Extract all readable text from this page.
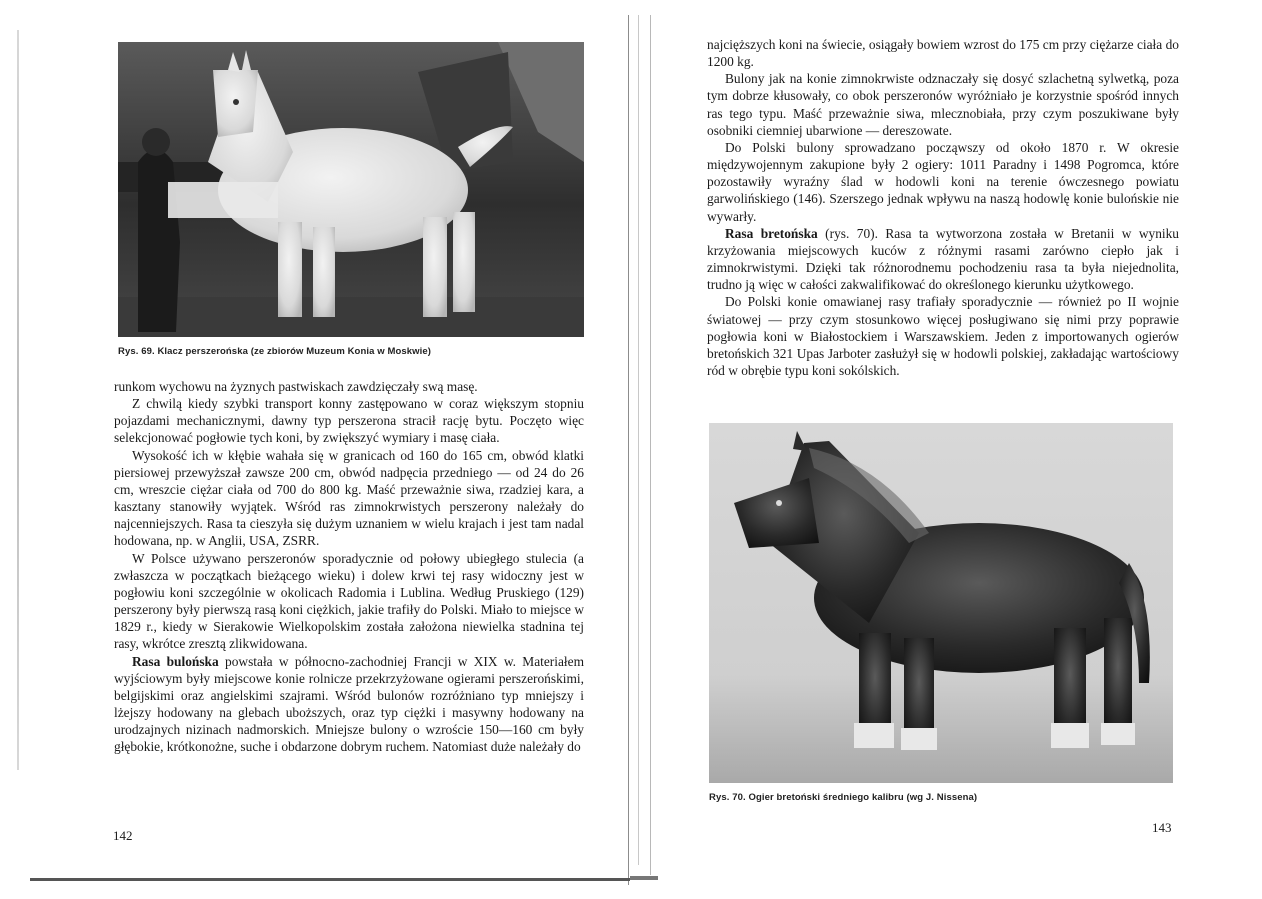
Rys. 69. Klacz perszerońska (ze zbiorów Muzeum Konia w Moskwie)

runkom wychowu na żyznych pastwiskach zawdzięczały swą masę.

Z chwilą kiedy szybki transport konny zastępowano w coraz większym stopniu pojazdami mechanicznymi, dawny typ perszerona stracił rację bytu. Poczęto więc selekcjonować pogłowie tych koni, by zwiększyć wymiary i masę ciała.

Wysokość ich w kłębie wahała się w granicach od 160 do 165 cm, obwód klatki piersiowej przewyższał zawsze 200 cm, obwód nadpęcia przedniego — od 24 do 26 cm, wreszcie ciężar ciała od 700 do 800 kg. Maść przeważnie siwa, rzadziej kara, a kasztany stanowiły wyjątek. Wśród ras zimnokrwistych perszerony należały do najcenniejszych. Rasa ta cieszyła się dużym uznaniem w wielu krajach i jest tam nadal hodowana, np. w Anglii, USA, ZSRR.

W Polsce używano perszeronów sporadycznie od połowy ubiegłego stulecia (a zwłaszcza w początkach bieżącego wieku) i dolew krwi tej rasy widoczny jest w pogłowiu koni szczególnie w okolicach Radomia i Lublina. Według Pruskiego (129) perszerony były pierwszą rasą koni ciężkich, jakie trafiły do Polski. Miało to miejsce w 1829 r., kiedy w Sierakowie Wielkopolskim została założona niewielka stadnina tej rasy, wkrótce zresztą zlikwidowana.

Rasa bulońska powstała w północno-zachodniej Francji w XIX w. Materiałem wyjściowym były miejscowe konie rolnicze przekrzyżowane ogierami perszerońskimi, belgijskimi oraz angielskimi szajrami. Wśród bulonów rozróżniano typ mniejszy i lżejszy hodowany na glebach uboższych, oraz typ ciężki i masywny hodowany na urodzajnych nizinach nadmorskich. Mniejsze bulony o wzroście 150—160 cm były głębokie, krótkonożne, suche i obdarzone dobrym ruchem. Natomiast duże należały do

142

najcięższych koni na świecie, osiągały bowiem wzrost do 175 cm przy ciężarze ciała do 1200 kg.

Bulony jak na konie zimnokrwiste odznaczały się dosyć szlachetną sylwetką, poza tym dobrze kłusowały, co obok perszeronów wyróżniało je korzystnie spośród innych ras tego typu. Maść przeważnie siwa, mlecznobiała, przy czym poszukiwane były osobniki ciemniej ubarwione — dereszowate.

Do Polski bulony sprowadzano począwszy od około 1870 r. W okresie międzywojennym zakupione były 2 ogiery: 1011 Paradny i 1498 Pogromca, które pozostawiły wyraźny ślad w hodowli koni na terenie ówczesnego powiatu garwolińskiego (146). Szerszego jednak wpływu na naszą hodowlę konie bulońskie nie wywarły.

Rasa bretońska (rys. 70). Rasa ta wytworzona została w Bretanii w wyniku krzyżowania miejscowych kuców z różnymi rasami zarówno ciepło jak i zimnokrwistymi. Dzięki tak różnorodnemu pochodzeniu rasa ta była niejednolita, trudno ją więc w całości zakwalifikować do określonego kierunku użytkowego.

Do Polski konie omawianej rasy trafiały sporadycznie — również po II wojnie światowej — przy czym stosunkowo więcej posługiwano się nimi przy poprawie pogłowia koni w Białostockiem i Warszawskiem. Jeden z importowanych ogierów bretońskich 321 Upas Jarboter zasłużył się w hodowli polskiej, zakładając wartościowy ród w obrębie typu koni sokólskich.

Rys. 70. Ogier bretoński średniego kalibru (wg J. Nissena)
143
